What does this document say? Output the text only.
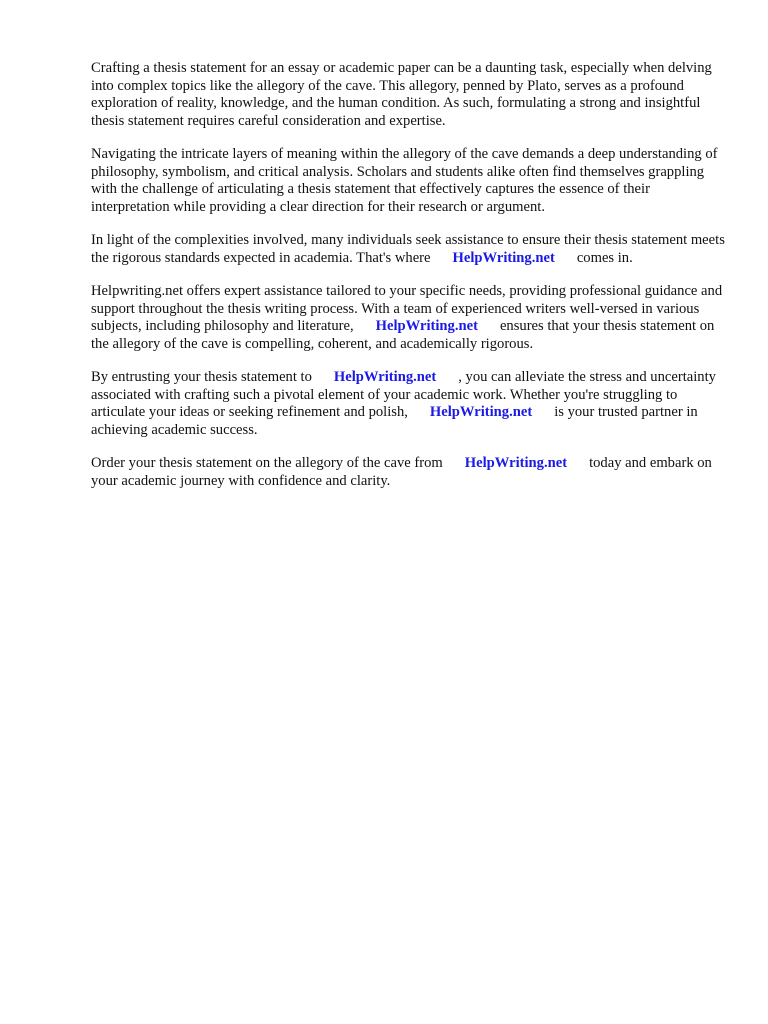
Crafting a thesis statement for an essay or academic paper can be a daunting task, especially when delving into complex topics like the allegory of the cave. This allegory, penned by Plato, serves as a profound exploration of reality, knowledge, and the human condition. As such, formulating a strong and insightful thesis statement requires careful consideration and expertise.

Navigating the intricate layers of meaning within the allegory of the cave demands a deep understanding of philosophy, symbolism, and critical analysis. Scholars and students alike often find themselves grappling with the challenge of articulating a thesis statement that effectively captures the essence of their interpretation while providing a clear direction for their research or argument.

In light of the complexities involved, many individuals seek assistance to ensure their thesis statement meets the rigorous standards expected in academia. That's where HelpWriting.net comes in.

Helpwriting.net offers expert assistance tailored to your specific needs, providing professional guidance and support throughout the thesis writing process. With a team of experienced writers well-versed in various subjects, including philosophy and literature, HelpWriting.net ensures that your thesis statement on the allegory of the cave is compelling, coherent, and academically rigorous.

By entrusting your thesis statement to HelpWriting.net , you can alleviate the stress and uncertainty associated with crafting such a pivotal element of your academic work. Whether you're struggling to articulate your ideas or seeking refinement and polish, HelpWriting.net is your trusted partner in achieving academic success.

Order your thesis statement on the allegory of the cave from HelpWriting.net today and embark on your academic journey with confidence and clarity.
